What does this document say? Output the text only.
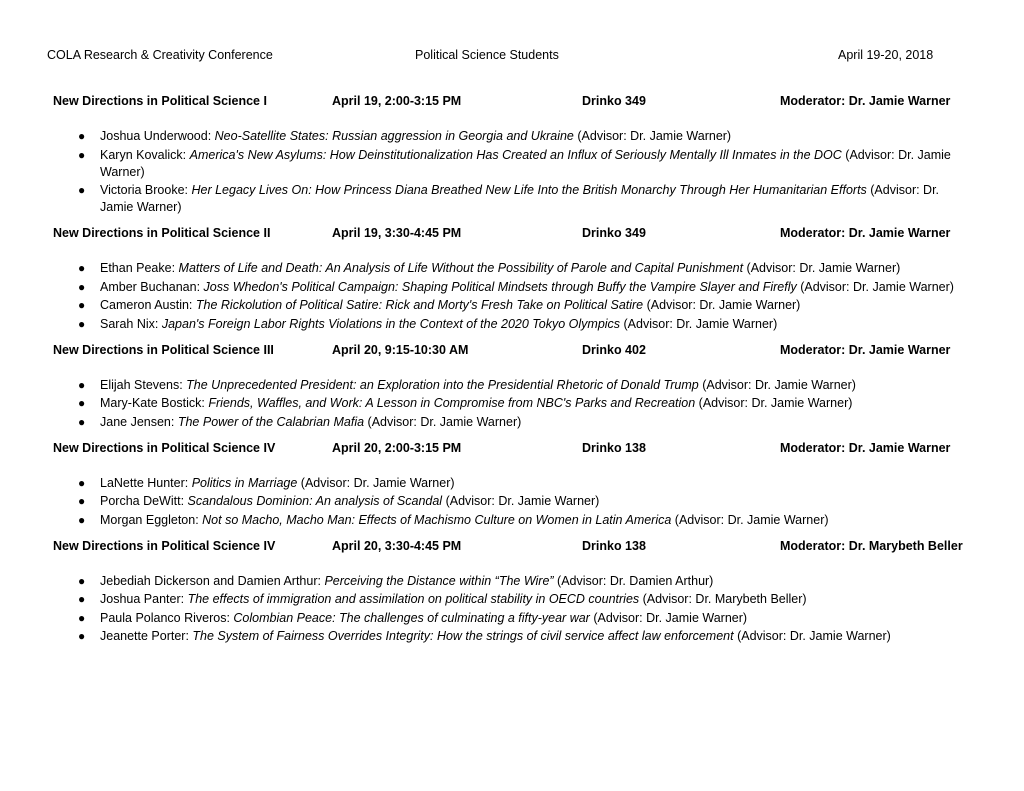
COLA Research & Creativity Conference	Political Science Students	April 19-20, 2018
New Directions in Political Science I	April 19, 2:00-3:15 PM	Drinko 349	Moderator: Dr. Jamie Warner
● Joshua Underwood: Neo-Satellite States: Russian aggression in Georgia and Ukraine (Advisor: Dr. Jamie Warner)
● Karyn Kovalick: America's New Asylums: How Deinstitutionalization Has Created an Influx of Seriously Mentally Ill Inmates in the DOC (Advisor: Dr. Jamie Warner)
● Victoria Brooke: Her Legacy Lives On: How Princess Diana Breathed New Life Into the British Monarchy Through Her Humanitarian Efforts (Advisor: Dr. Jamie Warner)
New Directions in Political Science II	April 19, 3:30-4:45 PM	Drinko 349	Moderator: Dr. Jamie Warner
● Ethan Peake: Matters of Life and Death: An Analysis of Life Without the Possibility of Parole and Capital Punishment (Advisor: Dr. Jamie Warner)
● Amber Buchanan: Joss Whedon's Political Campaign: Shaping Political Mindsets through Buffy the Vampire Slayer and Firefly (Advisor: Dr. Jamie Warner)
● Cameron Austin: The Rickolution of Political Satire: Rick and Morty's Fresh Take on Political Satire (Advisor: Dr. Jamie Warner)
● Sarah Nix: Japan's Foreign Labor Rights Violations in the Context of the 2020 Tokyo Olympics (Advisor: Dr. Jamie Warner)
New Directions in Political Science III	April 20, 9:15-10:30 AM	Drinko 402	Moderator: Dr. Jamie Warner
● Elijah Stevens: The Unprecedented President: an Exploration into the Presidential Rhetoric of Donald Trump (Advisor: Dr. Jamie Warner)
● Mary-Kate Bostick: Friends, Waffles, and Work: A Lesson in Compromise from NBC's Parks and Recreation (Advisor: Dr. Jamie Warner)
● Jane Jensen: The Power of the Calabrian Mafia (Advisor: Dr. Jamie Warner)
New Directions in Political Science IV	April 20, 2:00-3:15 PM	Drinko 138	Moderator: Dr. Jamie Warner
● LaNette Hunter: Politics in Marriage (Advisor: Dr. Jamie Warner)
● Porcha DeWitt: Scandalous Dominion: An analysis of Scandal (Advisor: Dr. Jamie Warner)
● Morgan Eggleton: Not so Macho, Macho Man: Effects of Machismo Culture on Women in Latin America (Advisor: Dr. Jamie Warner)
New Directions in Political Science IV	April 20, 3:30-4:45 PM	Drinko 138	Moderator: Dr. Marybeth Beller
● Jebediah Dickerson and Damien Arthur: Perceiving the Distance within “The Wire” (Advisor: Dr. Damien Arthur)
● Joshua Panter: The effects of immigration and assimilation on political stability in OECD countries (Advisor: Dr. Marybeth Beller)
● Paula Polanco Riveros: Colombian Peace: The challenges of culminating a fifty-year war (Advisor: Dr. Jamie Warner)
● Jeanette Porter: The System of Fairness Overrides Integrity: How the strings of civil service affect law enforcement (Advisor: Dr. Jamie Warner)
